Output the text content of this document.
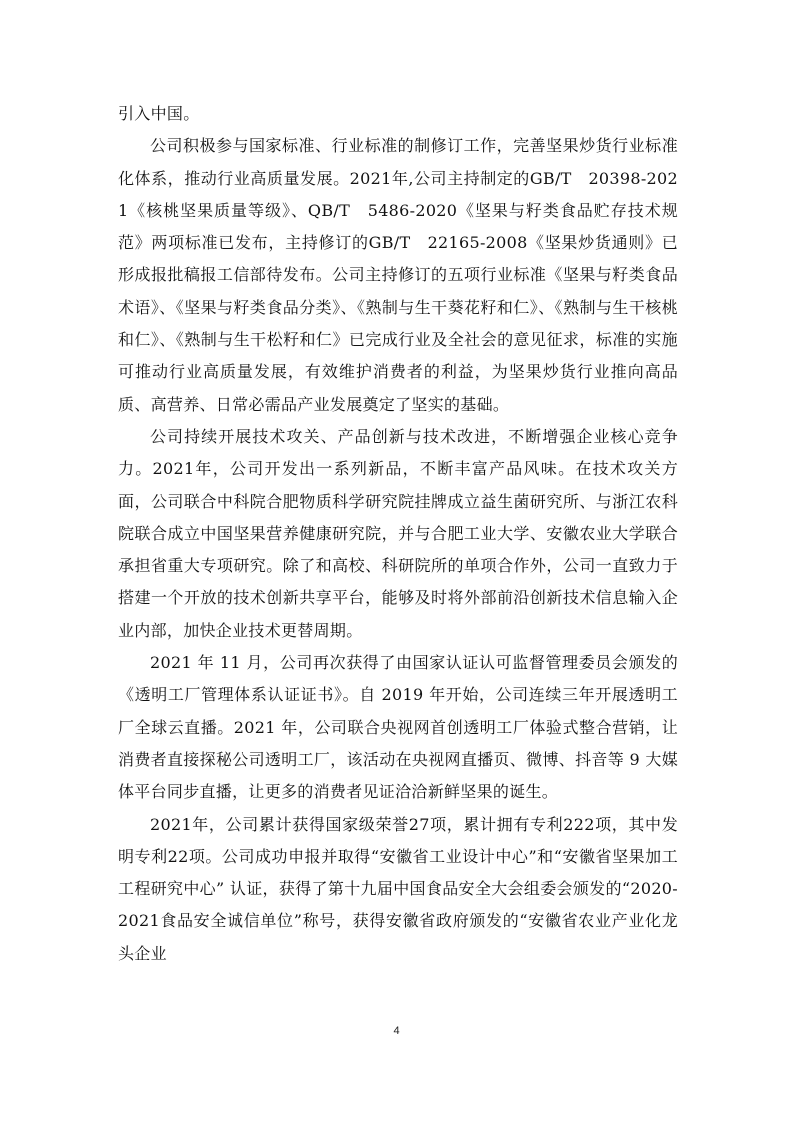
引入中国。

公司积极参与国家标准、行业标准的制修订工作，完善坚果炒货行业标准化体系，推动行业高质量发展。2021年,公司主持制定的GB/T　20398-2021《核桃坚果质量等级》、QB/T　5486-2020《坚果与籽类食品贮存技术规范》两项标准已发布，主持修订的GB/T　22165-2008《坚果炒货通则》已形成报批稿报工信部待发布。公司主持修订的五项行业标准《坚果与籽类食品术语》、《坚果与籽类食品分类》、《熟制与生干葵花籽和仁》、《熟制与生干核桃和仁》、《熟制与生干松籽和仁》已完成行业及全社会的意见征求，标准的实施可推动行业高质量发展，有效维护消费者的利益，为坚果炒货行业推向高品质、高营养、日常必需品产业发展奠定了坚实的基础。

公司持续开展技术攻关、产品创新与技术改进，不断增强企业核心竞争力。2021年，公司开发出一系列新品，不断丰富产品风味。在技术攻关方面，公司联合中科院合肥物质科学研究院挂牌成立益生菌研究所、与浙江农科院联合成立中国坚果营养健康研究院，并与合肥工业大学、安徽农业大学联合承担省重大专项研究。除了和高校、科研院所的单项合作外，公司一直致力于搭建一个开放的技术创新共享平台，能够及时将外部前沿创新技术信息输入企业内部，加快企业技术更替周期。

2021 年 11 月，公司再次获得了由国家认证认可监督管理委员会颁发的《透明工厂管理体系认证证书》。自 2019 年开始，公司连续三年开展透明工厂全球云直播。2021 年，公司联合央视网首创透明工厂体验式整合营销，让消费者直接探秘公司透明工厂，该活动在央视网直播页、微博、抖音等 9 大媒体平台同步直播，让更多的消费者见证洽洽新鲜坚果的诞生。

2021年，公司累计获得国家级荣誉27项，累计拥有专利222项，其中发明专利22项。公司成功申报并取得“安徽省工业设计中心”和“安徽省坚果加工工程研究中心” 认证，获得了第十九届中国食品安全大会组委会颁发的“2020-2021食品安全诚信单位”称号，获得安徽省政府颁发的“安徽省农业产业化龙头企业

4
